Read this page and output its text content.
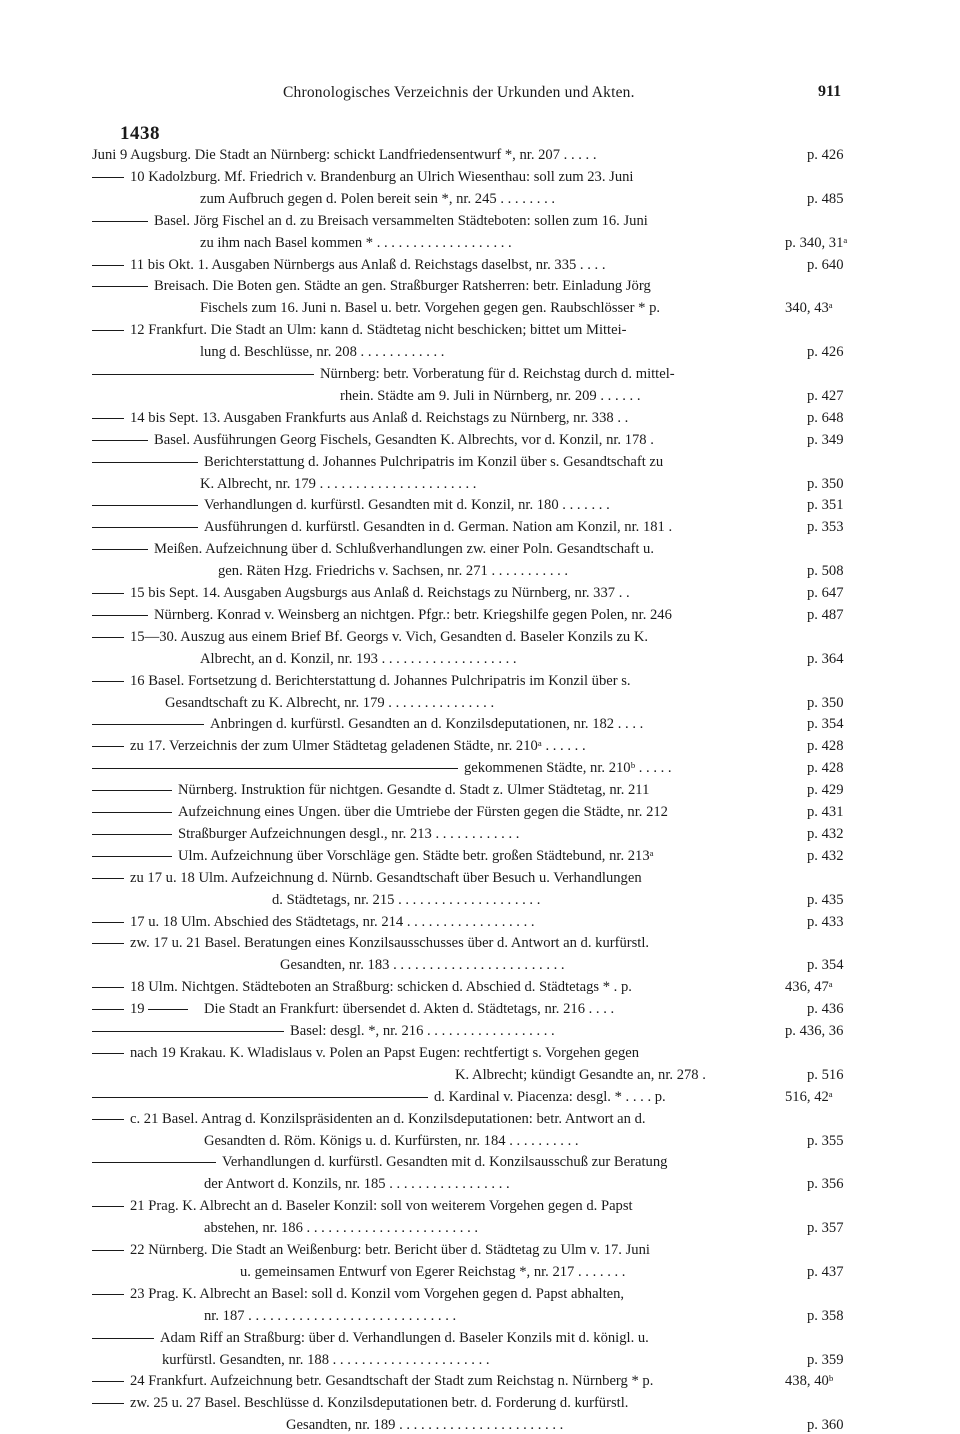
Chronologisches Verzeichnis der Urkunden und Akten.	911
1438
Juni 9 Augsburg. Die Stadt an Nürnberg: schickt Landfriedensentwurf *, nr. 207 . . . . .	p. 426
10 Kadolzburg. Mf. Friedrich v. Brandenburg an Ulrich Wiesenthau: soll zum 23. Juni
zum Aufbruch gegen d. Polen bereit sein *, nr. 245 . . . . . . . .	p. 485
Basel. Jörg Fischel an d. zu Breisach versammelten Städteboten: sollen zum 16. Juni
zu ihm nach Basel kommen * . . . . . . . . . . . . . . . . . . .	p. 340, 31ᵃ
11 bis Okt. 1. Ausgaben Nürnbergs aus Anlaß d. Reichstags daselbst, nr. 335 . . . .	p. 640
Breisach. Die Boten gen. Städte an gen. Straßburger Ratsherren: betr. Einladung Jörg
Fischels zum 16. Juni n. Basel u. betr. Vorgehen gegen gen. Raubschlösser * p.	340, 43ᵃ
12 Frankfurt. Die Stadt an Ulm: kann d. Städtetag nicht beschicken; bittet um Mittei-
lung d. Beschlüsse, nr. 208 . . . . . . . . . . . .	p. 426
Nürnberg: betr. Vorberatung für d. Reichstag durch d. mittel-
rhein. Städte am 9. Juli in Nürnberg, nr. 209 . . . . . .	p. 427
14 bis Sept. 13. Ausgaben Frankfurts aus Anlaß d. Reichstags zu Nürnberg, nr. 338 . .	p. 648
Basel. Ausführungen Georg Fischels, Gesandten K. Albrechts, vor d. Konzil, nr. 178 .	p. 349
Berichterstattung d. Johannes Pulchripatris im Konzil über s. Gesandtschaft zu
K. Albrecht, nr. 179 . . . . . . . . . . . . . . . . . . . . . .	p. 350
Verhandlungen d. kurfürstl. Gesandten mit d. Konzil, nr. 180 . . . . . . .	p. 351
Ausführungen d. kurfürstl. Gesandten in d. German. Nation am Konzil, nr. 181 .	p. 353
Meißen. Aufzeichnung über d. Schlußverhandlungen zw. einer Poln. Gesandtschaft u.
gen. Räten Hzg. Friedrichs v. Sachsen, nr. 271 . . . . . . . . . . .	p. 508
15 bis Sept. 14. Ausgaben Augsburgs aus Anlaß d. Reichstags zu Nürnberg, nr. 337 . .	p. 647
Nürnberg. Konrad v. Weinsberg an nichtgen. Pfgr.: betr. Kriegshilfe gegen Polen, nr. 246	p. 487
15—30. Auszug aus einem Brief Bf. Georgs v. Vich, Gesandten d. Baseler Konzils zu K.
Albrecht, an d. Konzil, nr. 193 . . . . . . . . . . . . . . . . . . .	p. 364
16 Basel. Fortsetzung d. Berichterstattung d. Johannes Pulchripatris im Konzil über s.
Gesandtschaft zu K. Albrecht, nr. 179 . . . . . . . . . . . . . . .	p. 350
Anbringen d. kurfürstl. Gesandten an d. Konzilsdeputationen, nr. 182 . . . .	p. 354
zu 17. Verzeichnis der zum Ulmer Städtetag geladenen Städte, nr. 210ᵃ . . . . . .	p. 428
gekommenen Städte, nr. 210ᵇ . . . . .	p. 428
Nürnberg. Instruktion für nichtgen. Gesandte d. Stadt z. Ulmer Städtetag, nr. 211	p. 429
Aufzeichnung eines Ungen. über die Umtriebe der Fürsten gegen die Städte, nr. 212	p. 431
Straßburger Aufzeichnungen desgl., nr. 213 . . . . . . . . . . . .	p. 432
Ulm. Aufzeichnung über Vorschläge gen. Städte betr. großen Städtebund, nr. 213ᵃ	p. 432
zu 17 u. 18 Ulm. Aufzeichnung d. Nürnb. Gesandtschaft über Besuch u. Verhandlungen
d. Städtetags, nr. 215 . . . . . . . . . . . . . . . . . . . .	p. 435
17 u. 18 Ulm. Abschied des Städtetags, nr. 214 . . . . . . . . . . . . . . . . . .	p. 433
zw. 17 u. 21 Basel. Beratungen eines Konzilsausschusses über d. Antwort an d. kurfürstl.
Gesandten, nr. 183 . . . . . . . . . . . . . . . . . . . . . . . .	p. 354
18 Ulm. Nichtgen. Städteboten an Straßburg: schicken d. Abschied d. Städtetags * . p.	436, 47ᵃ
19	Die Stadt an Frankfurt: übersendet d. Akten d. Städtetags, nr. 216 . . . .	p. 436
Basel: desgl. *, nr. 216 . . . . . . . . . . . . . . . . . .	p. 436, 36
nach 19 Krakau. K. Wladislaus v. Polen an Papst Eugen: rechtfertigt s. Vorgehen gegen
K. Albrecht; kündigt Gesandte an, nr. 278 .	p. 516
d. Kardinal v. Piacenza: desgl. * . . . . p.	516, 42ᵃ
c. 21 Basel. Antrag d. Konzilspräsidenten an d. Konzilsdeputationen: betr. Antwort an d.
Gesandten d. Röm. Königs u. d. Kurfürsten, nr. 184 . . . . . . . . . .	p. 355
Verhandlungen d. kurfürstl. Gesandten mit d. Konzilsausschuß zur Beratung
der Antwort d. Konzils, nr. 185 . . . . . . . . . . . . . . . . .	p. 356
21 Prag. K. Albrecht an d. Baseler Konzil: soll von weiterem Vorgehen gegen d. Papst
abstehen, nr. 186 . . . . . . . . . . . . . . . . . . . . . . . .	p. 357
22 Nürnberg. Die Stadt an Weißenburg: betr. Bericht über d. Städtetag zu Ulm v. 17. Juni
u. gemeinsamen Entwurf von Egerer Reichstag *, nr. 217 . . . . . . .	p. 437
23 Prag. K. Albrecht an Basel: soll d. Konzil vom Vorgehen gegen d. Papst abhalten,
nr. 187 . . . . . . . . . . . . . . . . . . . . . . . . . . . . .	p. 358
Adam Riff an Straßburg: über d. Verhandlungen d. Baseler Konzils mit d. königl. u.
kurfürstl. Gesandten, nr. 188 . . . . . . . . . . . . . . . . . . . . . .	p. 359
24 Frankfurt. Aufzeichnung betr. Gesandtschaft der Stadt zum Reichstag n. Nürnberg * p.	438, 40ᵇ
zw. 25 u. 27 Basel. Beschlüsse d. Konzilsdeputationen betr. d. Forderung d. kurfürstl.
Gesandten, nr. 189 . . . . . . . . . . . . . . . . . . . . . . .	p. 360
